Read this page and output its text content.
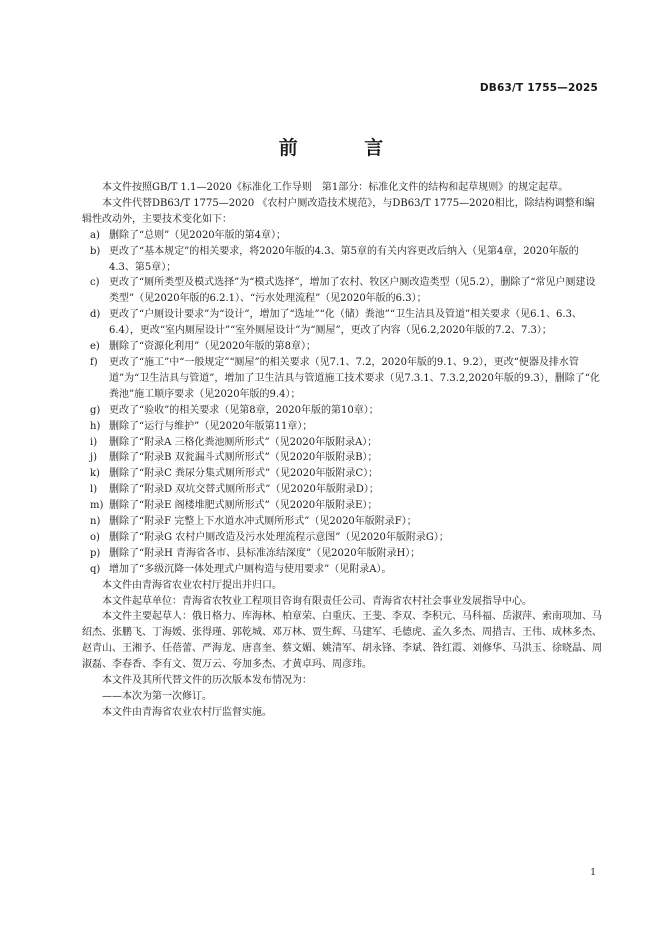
DB63/T 1755—2025
前 言

本文件按照GB/T 1.1—2020《标准化工作导则　第1部分：标准化文件的结构和起草规则》的规定起草。

本文件代替DB63/T 1775—2020 《农村户厕改造技术规范》，与DB63/T 1775—2020相比，除结构调整和编辑性改动外，主要技术变化如下：

a) 删除了“总则”（见2020年版的第4章）；
b) 更改了“基本规定”的相关要求，将2020年版的4.3、第5章的有关内容更改后纳入（见第4章，2020年版的4.3、第5章）；
c) 更改了“厕所类型及模式选择”为“模式选择”，增加了农村、牧区户厕改造类型（见5.2），删除了“常见户厕建设类型”（见2020年版的6.2.1）、“污水处理流程”（见2020年版的6.3）；
d) 更改了“户厕设计要求”为“设计”，增加了“选址”“化（储）粪池”“卫生洁具及管道”相关要求（见6.1、6.3、6.4），更改“室内厕屋设计”“室外厕屋设计”为“厕屋”，更改了内容（见6.2,2020年版的7.2、7.3）；
e) 删除了“资源化利用”（见2020年版的第8章）；
f) 更改了“施工”中“一般规定”“厕屋”的相关要求（见7.1、7.2，2020年版的9.1、9.2），更改“便器及排水管道”为“卫生洁具与管道”，增加了卫生洁具与管道施工技术要求（见7.3.1、7.3.2,2020年版的9.3），删除了“化粪池”施工顺序要求（见2020年版的9.4）；
g) 更改了“验收”的相关要求（见第8章，2020年版的第10章）；
h) 删除了“运行与维护”（见2020年版第11章）；
i) 删除了“附录A 三格化粪池厕所形式”（见2020年版附录A）；
j) 删除了“附录B 双瓮漏斗式厕所形式”（见2020年版附录B）；
k) 删除了“附录C 粪尿分集式厕所形式”（见2020年版附录C）；
l) 删除了“附录D 双坑交替式厕所形式”（见2020年版附录D）；
m) 删除了“附录E 阁楼堆肥式厕所形式”（见2020年版附录E）；
n) 删除了“附录F 完整上下水道水冲式厕所形式”（见2020年版附录F）；
o) 删除了“附录G 农村户厕改造及污水处理流程示意图”（见2020年版附录G）；
p) 删除了“附录H 青海省各市、县标准冻结深度”（见2020年版附录H）；
q) 增加了“多级沉降一体处理式户厕构造与使用要求”（见附录A）。

本文件由青海省农业农村厅提出并归口。

本文件起草单位：青海省农牧业工程项目咨询有限责任公司、青海省农村社会事业发展指导中心。

本文件主要起草人：俄日格力、库海林、柏章荣、白重庆、王斐、李双、李积元、马科福、岳淑萍、索南项加、马绍杰、张鹏飞、丁海媛、张得瑾、郭乾城、邓万林、贾生辉、马建军、毛德虎、孟久多杰、周措吉、王伟、成林多杰、赵青山、王湘予、任蓓蕾、严海龙、唐喜奎、蔡文媚、姚清军、胡永锋、李斌、昝红霞、刘修华、马洪玉、徐晓晶、周淑磊、李春香、李有文、贺万云、夸加多杰、才黄卓玛、周彦玮。

本文件及其所代替文件的历次版本发布情况为：

——本次为第一次修订。

本文件由青海省农业农村厅监督实施。

1
